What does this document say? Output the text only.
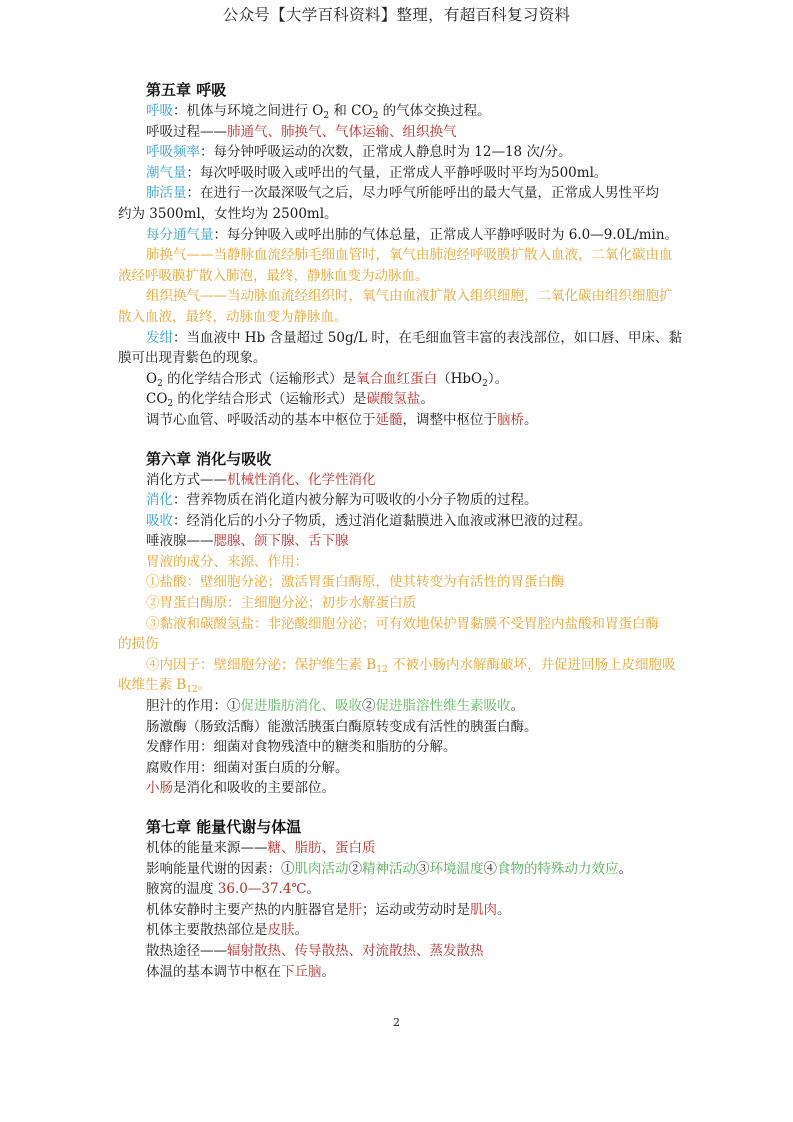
公众号【大学百科资料】整理，有超百科复习资料
第五章 呼吸
呼吸：机体与环境之间进行 $O_2$ 和 $CO_2$ 的气体交换过程。
呼吸过程——肺通气、肺换气、气体运输、组织换气
呼吸频率：每分钟呼吸运动的次数，正常成人静息时为 12—18 次/分。
潮气量：每次呼吸时吸入或呼出的气量，正常成人平静呼吸时平均为500ml。
肺活量：在进行一次最深吸气之后，尽力呼气所能呼出的最大气量，正常成人男性平均
约为 3500ml，女性均为 2500ml。
每分通气量：每分钟吸入或呼出肺的气体总量，正常成人平静呼吸时为 6.0—9.0L/min。
肺换气——当静脉血流经肺毛细血管时，氧气由肺泡经呼吸膜扩散入血液，二氧化碳由血
液经呼吸膜扩散入肺泡，最终，静脉血变为动脉血。
组织换气——当动脉血流经组织时，氧气由血液扩散入组织细胞，二氧化碳由组织细胞扩
散入血液，最终，动脉血变为静脉血。
发绀：当血液中 Hb 含量超过 50g/L 时，在毛细血管丰富的表浅部位，如口唇、甲床、黏
膜可出现青紫色的现象。
$O_2$ 的化学结合形式（运输形式）是氧合血红蛋白（HbO$_2$）。
$CO_2$ 的化学结合形式（运输形式）是碳酸氢盐。
调节心血管、呼吸活动的基本中枢位于延髓，调整中枢位于脑桥。
第六章 消化与吸收
消化方式——机械性消化、化学性消化
消化：营养物质在消化道内被分解为可吸收的小分子物质的过程。
吸收：经消化后的小分子物质，透过消化道黏膜进入血液或淋巴液的过程。
唾液腺——腮腺、颌下腺、舌下腺
胃液的成分、来源、作用：
①盐酸：壁细胞分泌；激活胃蛋白酶原，使其转变为有活性的胃蛋白酶
②胃蛋白酶原：主细胞分泌；初步水解蛋白质
③黏液和碳酸氢盐：非泌酸细胞分泌；可有效地保护胃黏膜不受胃腔内盐酸和胃蛋白酶
的损伤
④内因子：壁细胞分泌；保护维生素 $B_{12}$ 不被小肠内水解酶破坏，并促进回肠上皮细胞吸
收维生素 $B_{12}$。
胆汁的作用：①促进脂肪消化、吸收②促进脂溶性维生素吸收。
肠激酶（肠致活酶）能激活胰蛋白酶原转变成有活性的胰蛋白酶。
发酵作用：细菌对食物残渣中的糖类和脂肪的分解。
腐败作用：细菌对蛋白质的分解。
小肠是消化和吸收的主要部位。
第七章 能量代谢与体温
机体的能量来源——糖、脂肪、蛋白质
影响能量代谢的因素：①肌肉活动②精神活动③环境温度④食物的特殊动力效应。
腋窝的温度 36.0—37.4℃。
机体安静时主要产热的内脏器官是肝；运动或劳动时是肌肉。
机体主要散热部位是皮肤。
散热途径——辐射散热、传导散热、对流散热、蒸发散热
体温的基本调节中枢在下丘脑。
2
